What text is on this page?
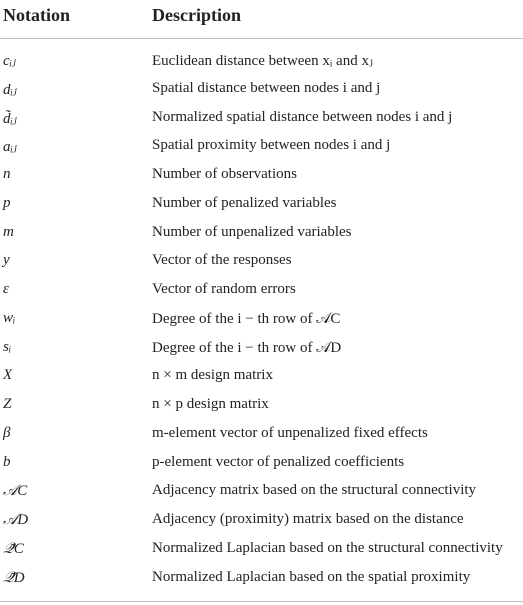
Notation	Description
cᵢⱼ	Euclidean distance between xᵢ and xⱼ
dᵢⱼ	Spatial distance between nodes i and j
d̃ᵢⱼ	Normalized spatial distance between nodes i and j
aᵢⱼ	Spatial proximity between nodes i and j
n	Number of observations
p	Number of penalized variables
m	Number of unpenalized variables
y	Vector of the responses
ε	Vector of random errors
wᵢ	Degree of the i − th row of 𝒜C
sᵢ	Degree of the i − th row of 𝒜D
X	n × m design matrix
Z	n × p design matrix
β	m-element vector of unpenalized fixed effects
b	p-element vector of penalized coefficients
𝒜C	Adjacency matrix based on the structural connectivity
𝒜D	Adjacency (proximity) matrix based on the distance
𝒬̃C	Normalized Laplacian based on the structural connectivity
𝒬̃D	Normalized Laplacian based on the spatial proximity
